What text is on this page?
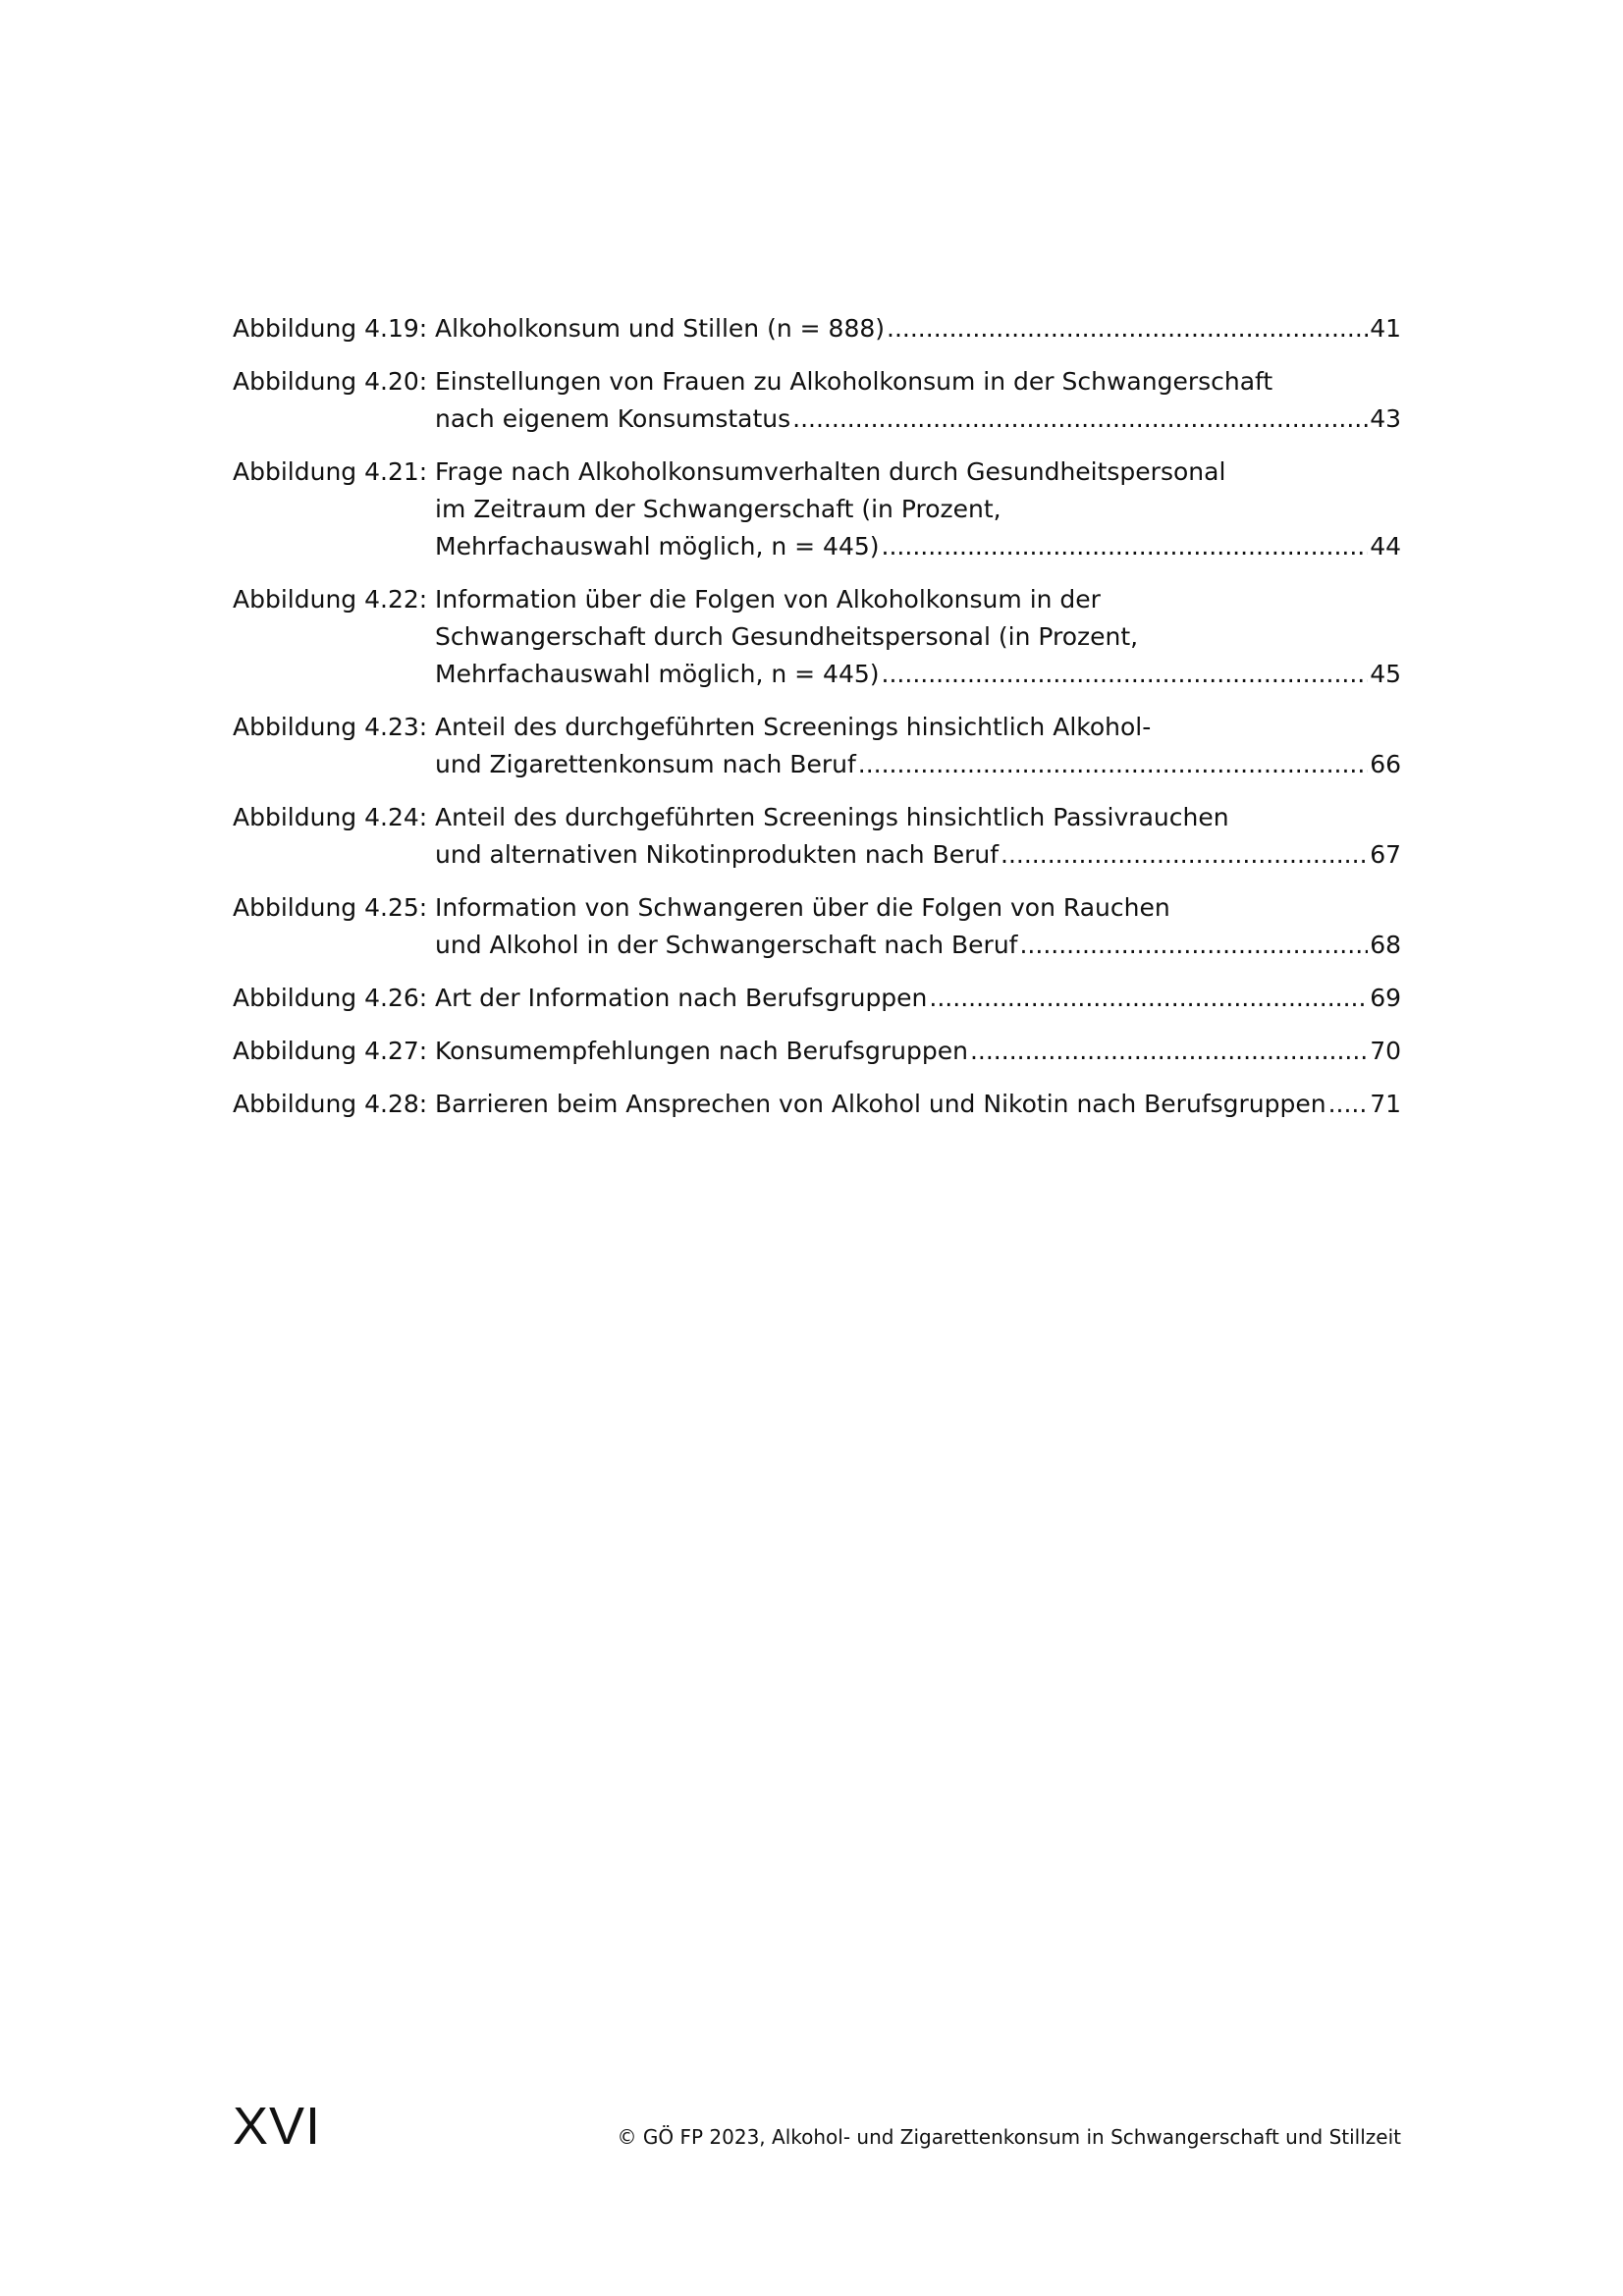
Abbildung 4.19: Alkoholkonsum und Stillen (n = 888) .....	41
Abbildung 4.20: Einstellungen von Frauen zu Alkoholkonsum in der Schwangerschaft
nach eigenem Konsumstatus .....	43
Abbildung 4.21: Frage nach Alkoholkonsumverhalten durch Gesundheitspersonal
im Zeitraum der Schwangerschaft (in Prozent,
Mehrfachauswahl möglich, n = 445) .....	44
Abbildung 4.22: Information über die Folgen von Alkoholkonsum in der
Schwangerschaft durch Gesundheitspersonal (in Prozent,
Mehrfachauswahl möglich, n = 445) .....	45
Abbildung 4.23: Anteil des durchgeführten Screenings hinsichtlich Alkohol-
und Zigarettenkonsum nach Beruf .....	66
Abbildung 4.24: Anteil des durchgeführten Screenings hinsichtlich Passivrauchen
und alternativen Nikotinprodukten nach Beruf .....	67
Abbildung 4.25: Information von Schwangeren über die Folgen von Rauchen
und Alkohol in der Schwangerschaft nach Beruf .....	68
Abbildung 4.26: Art der Information nach Berufsgruppen .....	69
Abbildung 4.27: Konsumempfehlungen nach Berufsgruppen .....	70
Abbildung 4.28: Barrieren beim Ansprechen von Alkohol und Nikotin nach Berufsgruppen ..... 71
XVI	© GÖ FP 2023, Alkohol- und Zigarettenkonsum in Schwangerschaft und Stillzeit
